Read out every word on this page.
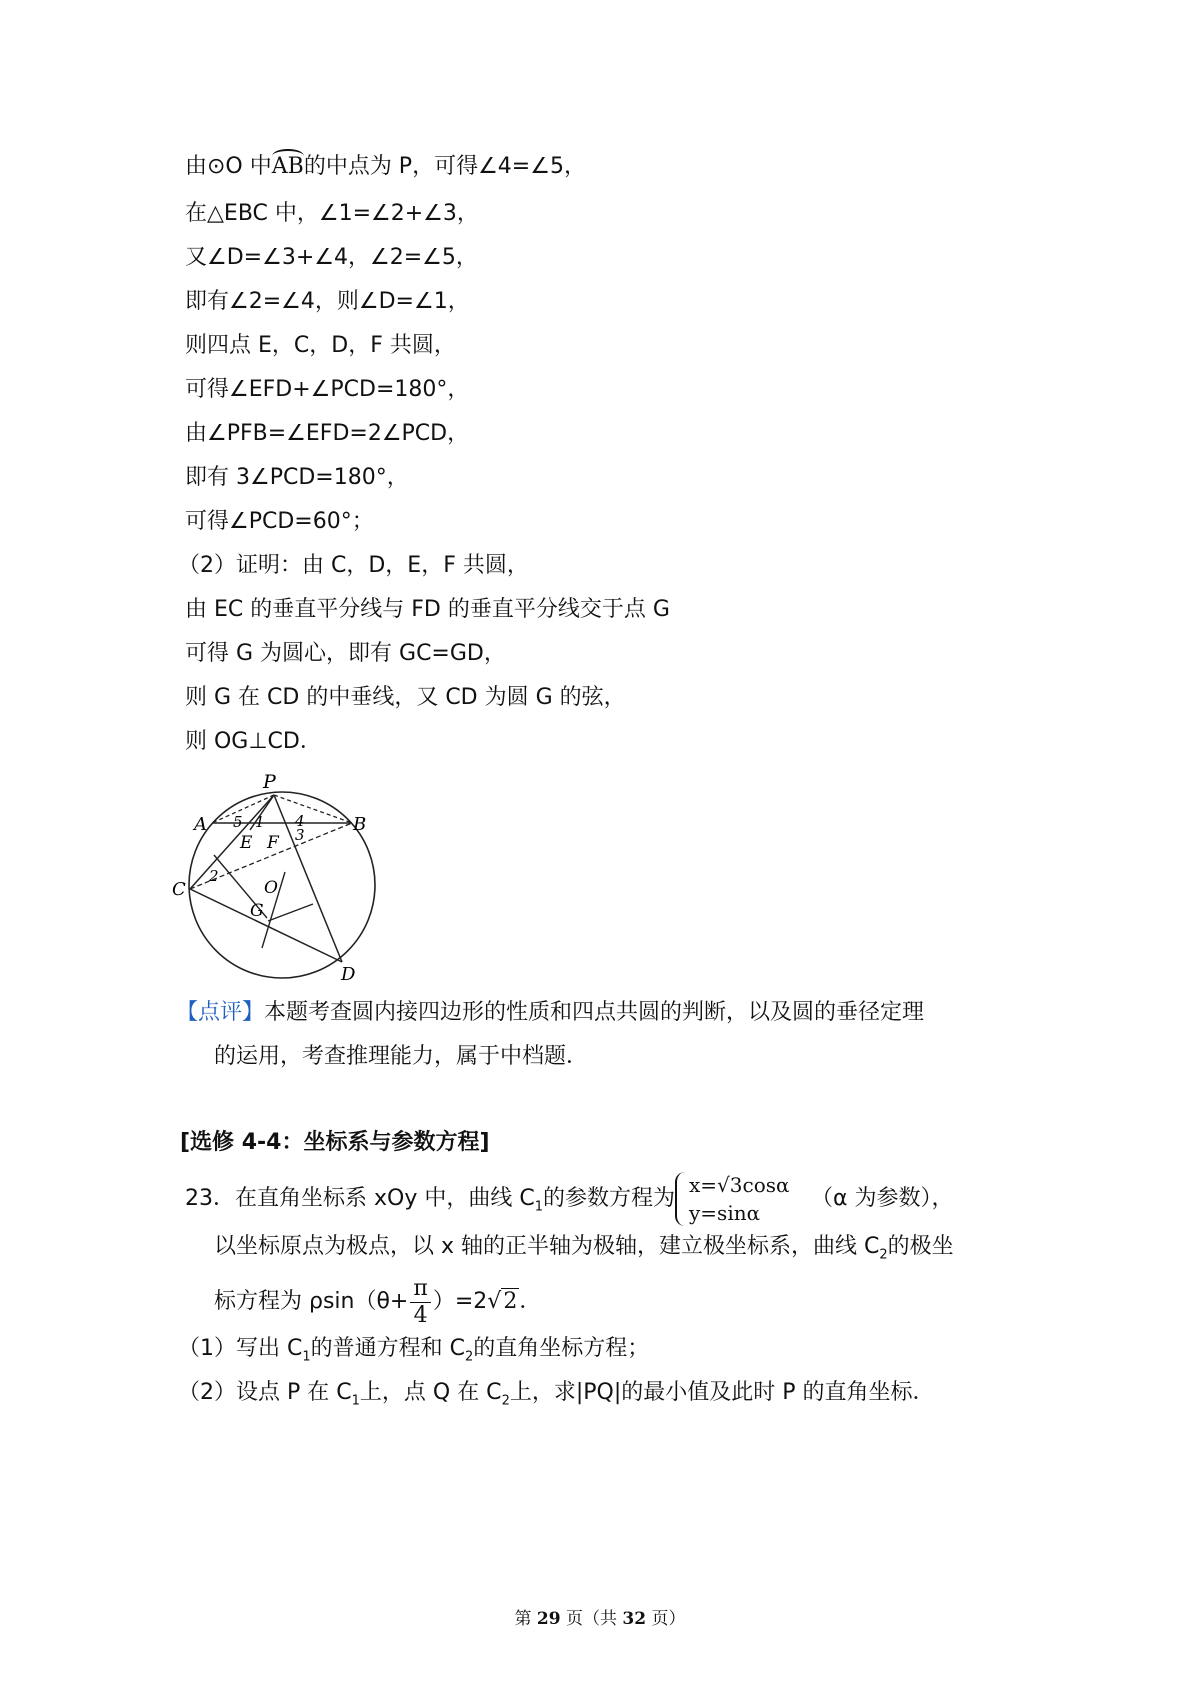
由⊙O 中AB的中点为 P，可得∠4=∠5，
在△EBC 中，∠1=∠2+∠3，
又∠D=∠3+∠4，∠2=∠5，
即有∠2=∠4，则∠D=∠1，
则四点 E，C，D，F 共圆，
可得∠EFD+∠PCD=180°，
由∠PFB=∠EFD=2∠PCD，
即有 3∠PCD=180°，
可得∠PCD=60°；
（2）证明：由 C，D，E，F 共圆，
由 EC 的垂直平分线与 FD 的垂直平分线交于点 G
可得 G 为圆心，即有 GC=GD，
则 G 在 CD 的中垂线，又 CD 为圆 G 的弦，
则 OG⊥CD．
P
A	B
C
D
E F
O
G
5 1 4
3
2
【点评】本题考查圆内接四边形的性质和四点共圆的判断，以及圆的垂径定理
的运用，考查推理能力，属于中档题．
[选修 4-4：坐标系与参数方程]
23．在直角坐标系 xOy 中，曲线 $C_1$的参数方程为
x=√3cosα
y=sinα
（α 为参数），
以坐标原点为极点，以 x 轴的正半轴为极轴，建立极坐标系，曲线 $C_2$的极坐
标方程为 $\rho\sin(\theta+ \frac{\pi}{4} )=2√2$．
（1）写出 $C_1$的普通方程和 $C_2$的直角坐标方程；
（2）设点 P 在 $C_1$上，点 Q 在 $C_2$上，求|PQ|的最小值及此时 P 的直角坐标．
第 29 页（共 32 页）
